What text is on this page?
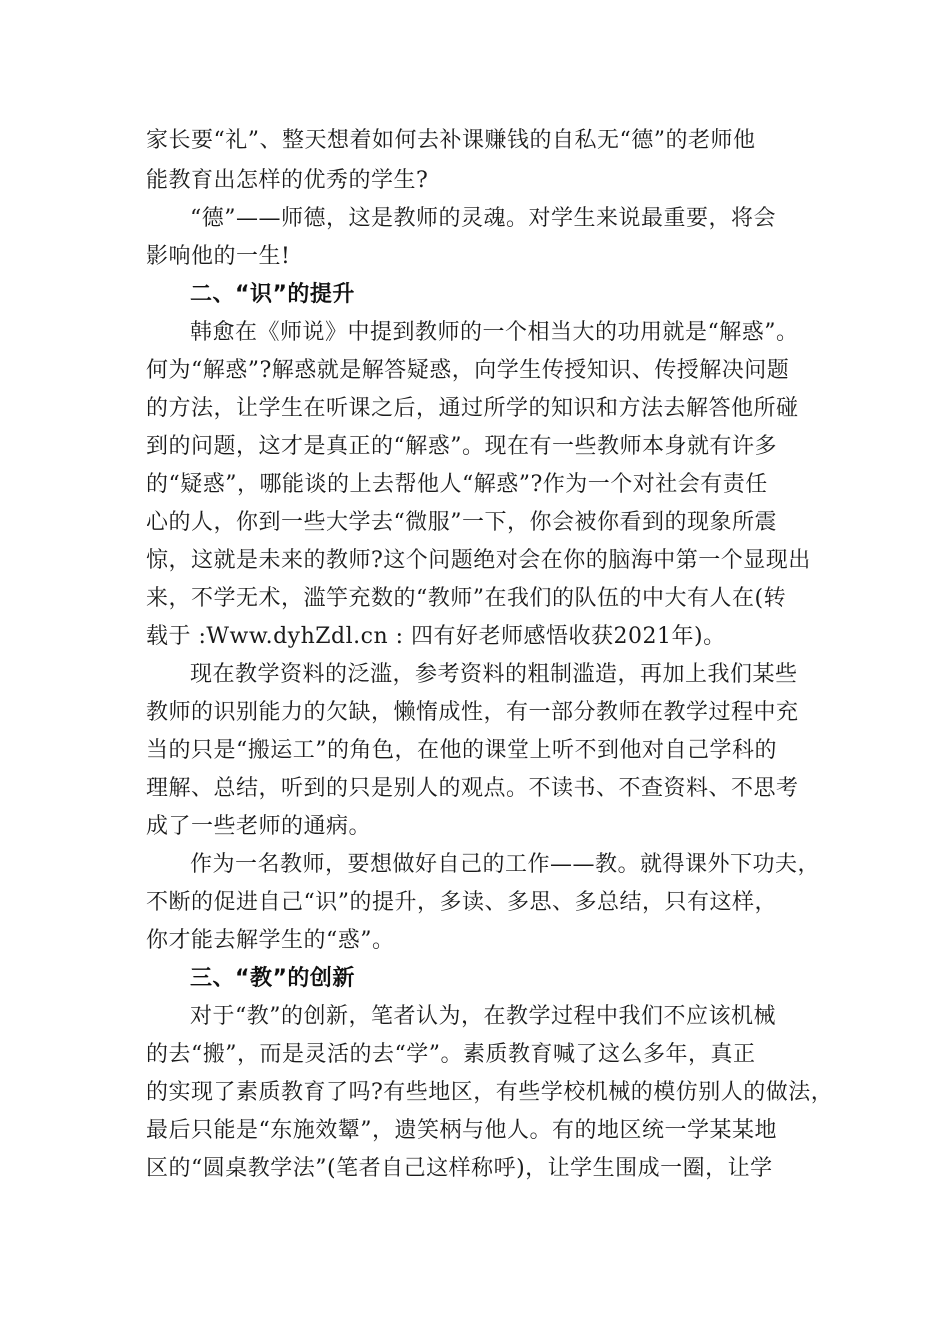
家长要“礼”、整天想着如何去补课赚钱的自私无“德”的老师他
能教育出怎样的优秀的学生?
“德”——师德，这是教师的灵魂。对学生来说最重要，将会
影响他的一生!
二、“识”的提升
韩愈在《师说》中提到教师的一个相当大的功用就是“解惑”。
何为“解惑”?解惑就是解答疑惑，向学生传授知识、传授解决问题
的方法，让学生在听课之后，通过所学的知识和方法去解答他所碰
到的问题，这才是真正的“解惑”。现在有一些教师本身就有许多
的“疑惑”，哪能谈的上去帮他人“解惑”?作为一个对社会有责任
心的人，你到一些大学去“微服”一下，你会被你看到的现象所震
惊，这就是未来的教师?这个问题绝对会在你的脑海中第一个显现出
来，不学无术，滥竽充数的“教师”在我们的队伍的中大有人在(转
载于 :Www.dyhZdl.cn : 四有好老师感悟收获2021年)。
现在教学资料的泛滥，参考资料的粗制滥造，再加上我们某些
教师的识别能力的欠缺，懒惰成性，有一部分教师在教学过程中充
当的只是“搬运工”的角色，在他的课堂上听不到他对自己学科的
理解、总结，听到的只是别人的观点。不读书、不查资料、不思考
成了一些老师的通病。
作为一名教师，要想做好自己的工作——教。就得课外下功夫，
不断的促进自己“识”的提升，多读、多思、多总结，只有这样，
你才能去解学生的“惑”。
三、“教”的创新
对于“教”的创新，笔者认为，在教学过程中我们不应该机械
的去“搬”，而是灵活的去“学”。素质教育喊了这么多年，真正
的实现了素质教育了吗?有些地区，有些学校机械的模仿别人的做法，
最后只能是“东施效颦”，遗笑柄与他人。有的地区统一学某某地
区的“圆桌教学法”(笔者自己这样称呼)，让学生围成一圈，让学
